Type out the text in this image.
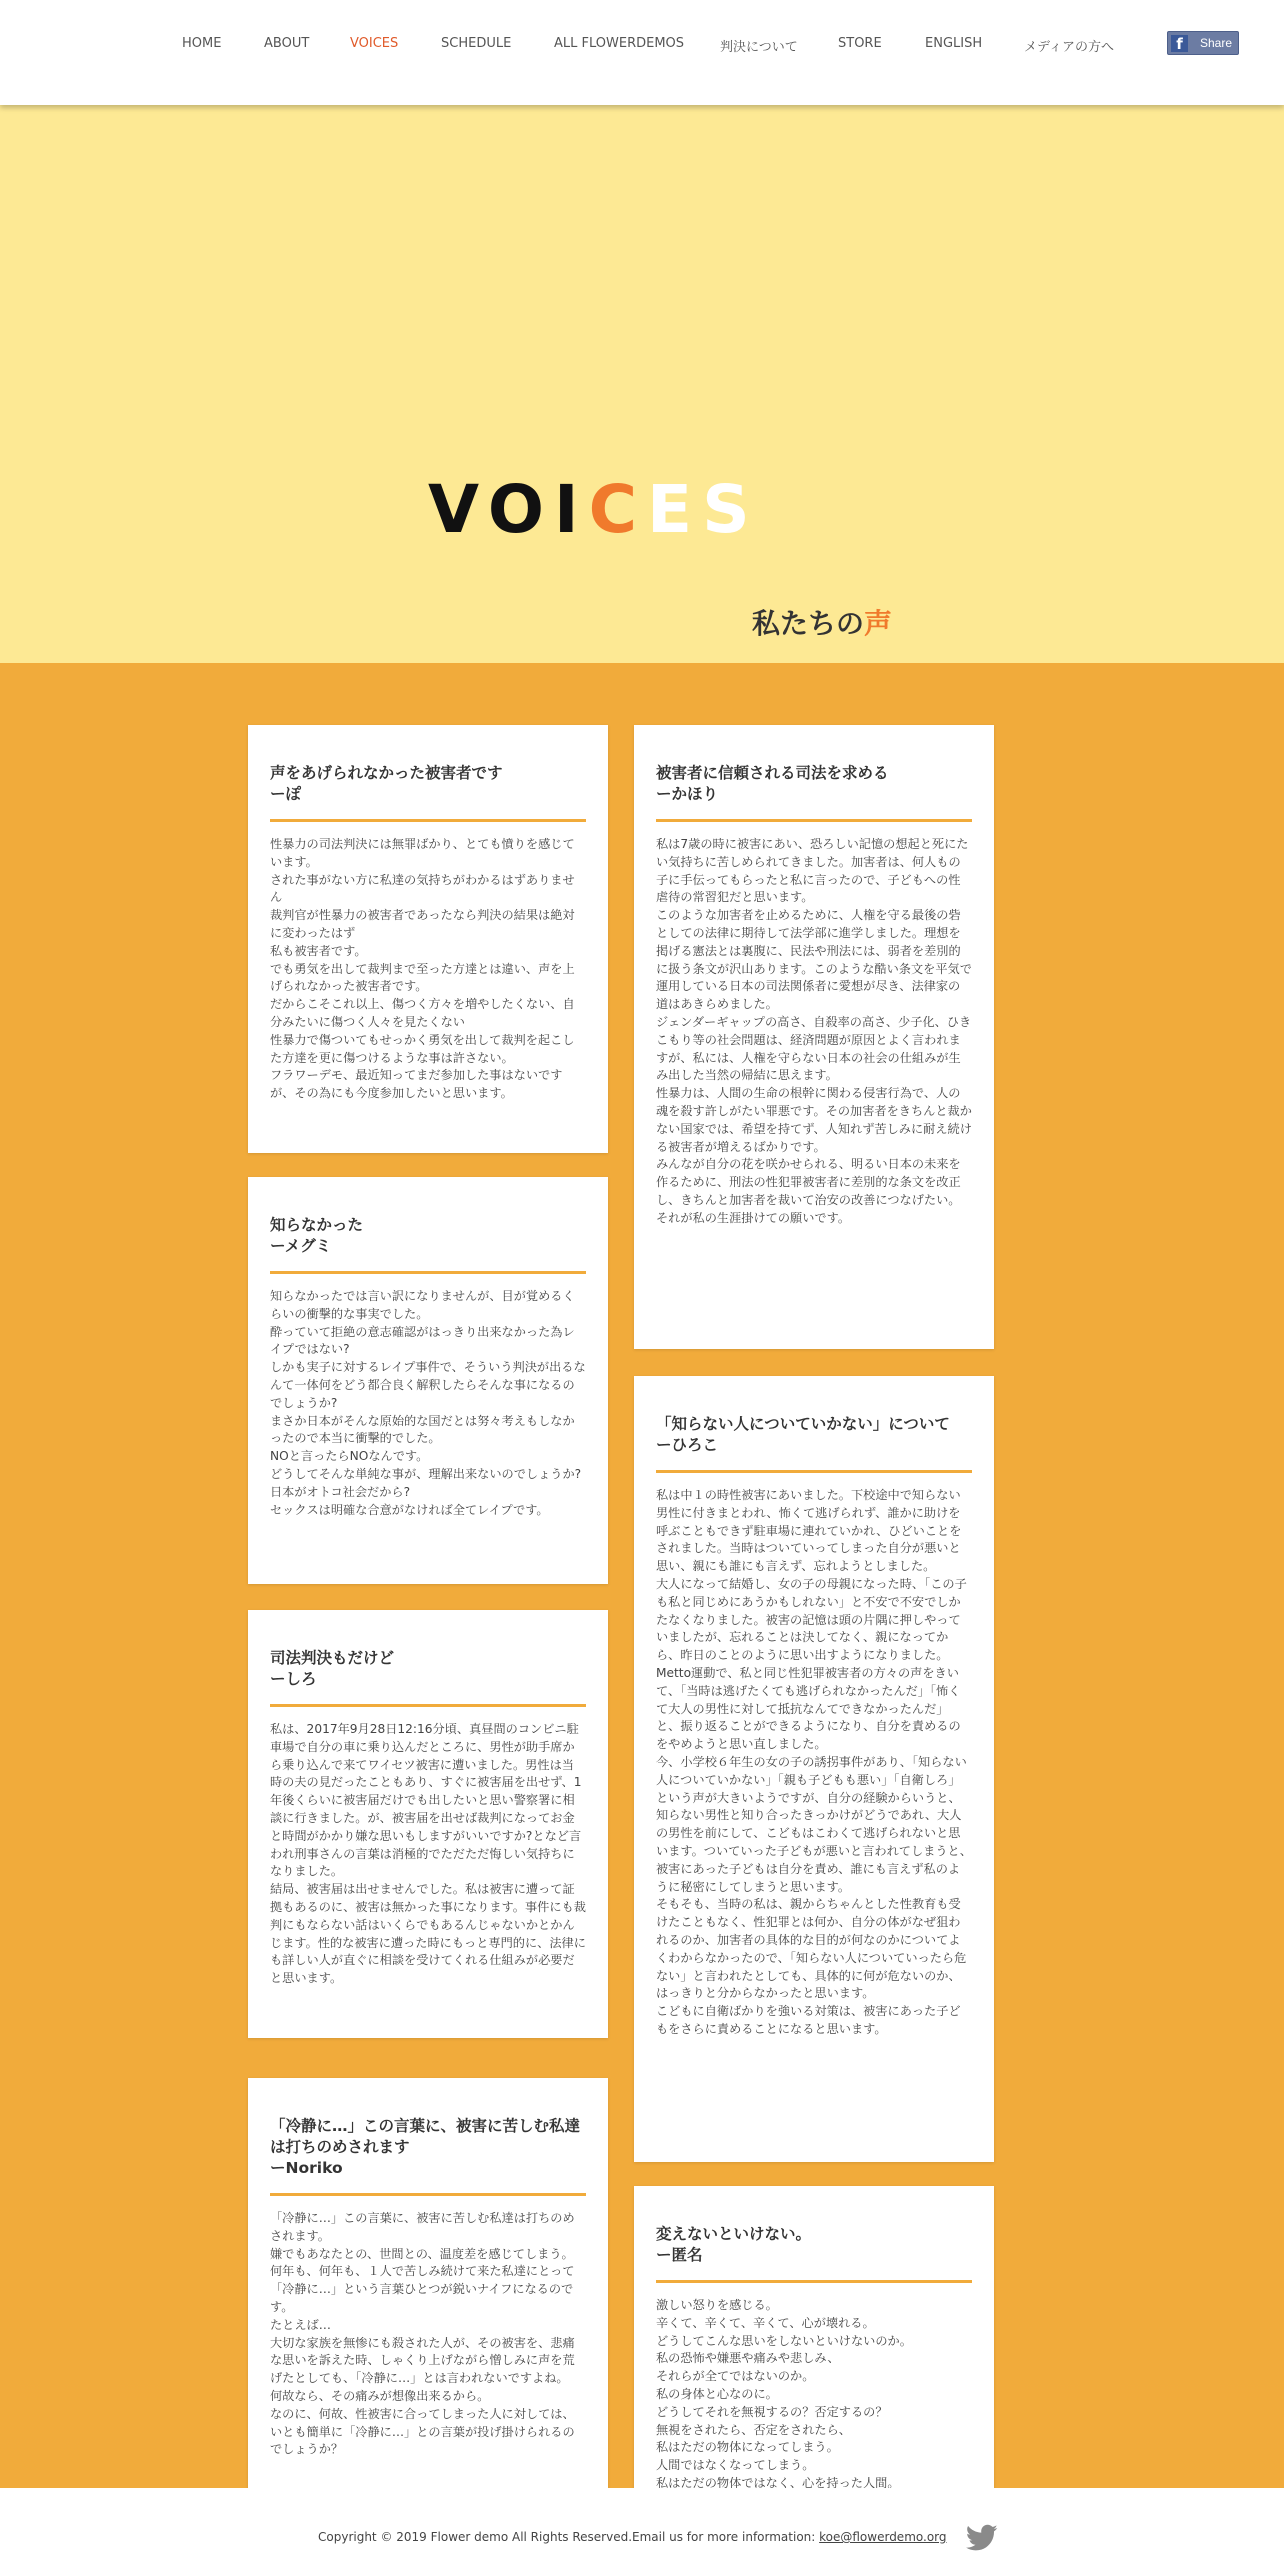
HOME	ABOUT	VOICES	SCHEDULE	ALL FLOWERDEMOS	判決について	STORE	ENGLISH	メディアの方へ	f	Share
VOICES
私たちの声
声をあげられなかった被害者です
ーぽ

性暴力の司法判決には無罪ばかり、とても憤りを感じています。

された事がない方に私達の気持ちがわかるはずありません

裁判官が性暴力の被害者であったなら判決の結果は絶対に変わったはず

私も被害者です。

でも勇気を出して裁判まで至った方達とは違い、声を上げられなかった被害者です。

だからこそこれ以上、傷つく方々を増やしたくない、自分みたいに傷つく人々を見たくない

性暴力で傷ついてもせっかく勇気を出して裁判を起こした方達を更に傷つけるような事は許さない。

フラワーデモ、最近知ってまだ参加した事はないですが、その為にも今度参加したいと思います。

知らなかった
ーメグミ

知らなかったでは言い訳になりませんが、目が覚めるくらいの衝撃的な事実でした。

酔っていて拒絶の意志確認がはっきり出来なかった為レイプではない?

しかも実子に対するレイプ事件で、そういう判決が出るなんて一体何をどう都合良く解釈したらそんな事になるのでしょうか?

まさか日本がそんな原始的な国だとは努々考えもしなかったので本当に衝撃的でした。

NOと言ったらNOなんです。

どうしてそんな単純な事が、理解出来ないのでしょうか?

日本がオトコ社会だから?

セックスは明確な合意がなければ全てレイプです。

司法判決もだけど
ーしろ

私は、2017年9月28日12:16分頃、真昼間のコンビニ駐車場で自分の車に乗り込んだところに、男性が助手席から乗り込んで来てワイセツ被害に遭いました。男性は当時の夫の見だったこともあり、すぐに被害届を出せず、1年後くらいに被害届だけでも出したいと思い警察署に相談に行きました。が、被害届を出せば裁判になってお金と時間がかかり嫌な思いもしますがいいですか?となど言われ刑事さんの言葉は消極的でただただ悔しい気持ちになりました。

結局、被害届は出せませんでした。私は被害に遭って証拠もあるのに、被害は無かった事になります。事件にも裁判にもならない話はいくらでもあるんじゃないかとかんじます。性的な被害に遭った時にもっと専門的に、法律にも詳しい人が直ぐに相談を受けてくれる仕組みが必要だと思います。

「冷静に…」この言葉に、被害に苦しむ私達は打ちのめされます
ーNoriko

「冷静に…」この言葉に、被害に苦しむ私達は打ちのめされます。

嫌でもあなたとの、世間との、温度差を感じてしまう。

何年も、何年も、１人で苦しみ続けて来た私達にとって「冷静に…」という言葉ひとつが鋭いナイフになるのです。

たとえば…

大切な家族を無惨にも殺された人が、その被害を、悲痛な思いを訴えた時、しゃくり上げながら憎しみに声を荒げたとしても、「冷静に…」とは言われないですよね。

何故なら、その痛みが想像出来るから。

なのに、何故、性被害に合ってしまった人に対しては、いとも簡単に「冷静に…」との言葉が投げ掛けられるのでしょうか？

被害者に信頼される司法を求める
ーかほり

私は7歳の時に被害にあい、恐ろしい記憶の想起と死にたい気持ちに苦しめられてきました。加害者は、何人もの子に手伝ってもらったと私に言ったので、子どもへの性虐待の常習犯だと思います。

このような加害者を止めるために、人権を守る最後の砦としての法律に期待して法学部に進学しました。理想を掲げる憲法とは裏腹に、民法や刑法には、弱者を差別的に扱う条文が沢山あります。このような酷い条文を平気で運用している日本の司法関係者に愛想が尽き、法律家の道はあきらめました。

ジェンダーギャップの高さ、自殺率の高さ、少子化、ひきこもり等の社会問題は、経済問題が原因とよく言われますが、私には、人権を守らない日本の社会の仕組みが生み出した当然の帰結に思えます。

性暴力は、人間の生命の根幹に関わる侵害行為で、人の魂を殺す許しがたい罪悪です。その加害者をきちんと裁かない国家では、希望を持てず、人知れず苦しみに耐え続ける被害者が増えるばかりです。

みんなが自分の花を咲かせられる、明るい日本の未来を作るために、刑法の性犯罪被害者に差別的な条文を改正し、きちんと加害者を裁いて治安の改善につなげたい。それが私の生涯掛けての願いです。

「知らない人についていかない」について
ーひろこ

私は中１の時性被害にあいました。下校途中で知らない男性に付きまとわれ、怖くて逃げられず、誰かに助けを呼ぶこともできず駐車場に連れていかれ、ひどいことをされました。当時はついていってしまった自分が悪いと思い、親にも誰にも言えず、忘れようとしました。

大人になって結婚し、女の子の母親になった時、「この子も私と同じめにあうかもしれない」と不安で不安でしかたなくなりました。被害の記憶は頭の片隅に押しやっていましたが、忘れることは決してなく、親になってから、昨日のことのように思い出すようになりました。

Metto運動で、私と同じ性犯罪被害者の方々の声をきいて、「当時は逃げたくても逃げられなかったんだ」「怖くて大人の男性に対して抵抗なんてできなかったんだ」と、振り返ることができるようになり、自分を責めるのをやめようと思い直しました。

今、小学校６年生の女の子の誘拐事件があり、「知らない人についていかない」「親も子どもも悪い」「自衛しろ」という声が大きいようですが、自分の経験からいうと、知らない男性と知り合ったきっかけがどうであれ、大人の男性を前にして、こどもはこわくて逃げられないと思います。ついていった子どもが悪いと言われてしまうと、被害にあった子どもは自分を責め、誰にも言えず私のように秘密にしてしまうと思います。

そもそも、当時の私は、親からちゃんとした性教育も受けたこともなく、性犯罪とは何か、自分の体がなぜ狙われるのか、加害者の具体的な目的が何なのかについてよくわからなかったので、「知らない人についていったら危ない」と言われたとしても、具体的に何が危ないのか、はっきりと分からなかったと思います。

こどもに自衛ばかりを強いる対策は、被害にあった子どもをさらに責めることになると思います。

変えないといけない。
ー匿名

激しい怒りを感じる。

辛くて、辛くて、辛くて、心が壊れる。

どうしてこんな思いをしないといけないのか。

私の恐怖や嫌悪や痛みや悲しみ、

それらが全てではないのか。

私の身体と心なのに。

どうしてそれを無視するの？否定するの？

無視をされたら、否定をされたら、

私はただの物体になってしまう。

人間ではなくなってしまう。

私はただの物体ではなく、心を持った人間。

Copyright © 2019 Flower demo All Rights Reserved.Email us for more information: koe@flowerdemo.org
